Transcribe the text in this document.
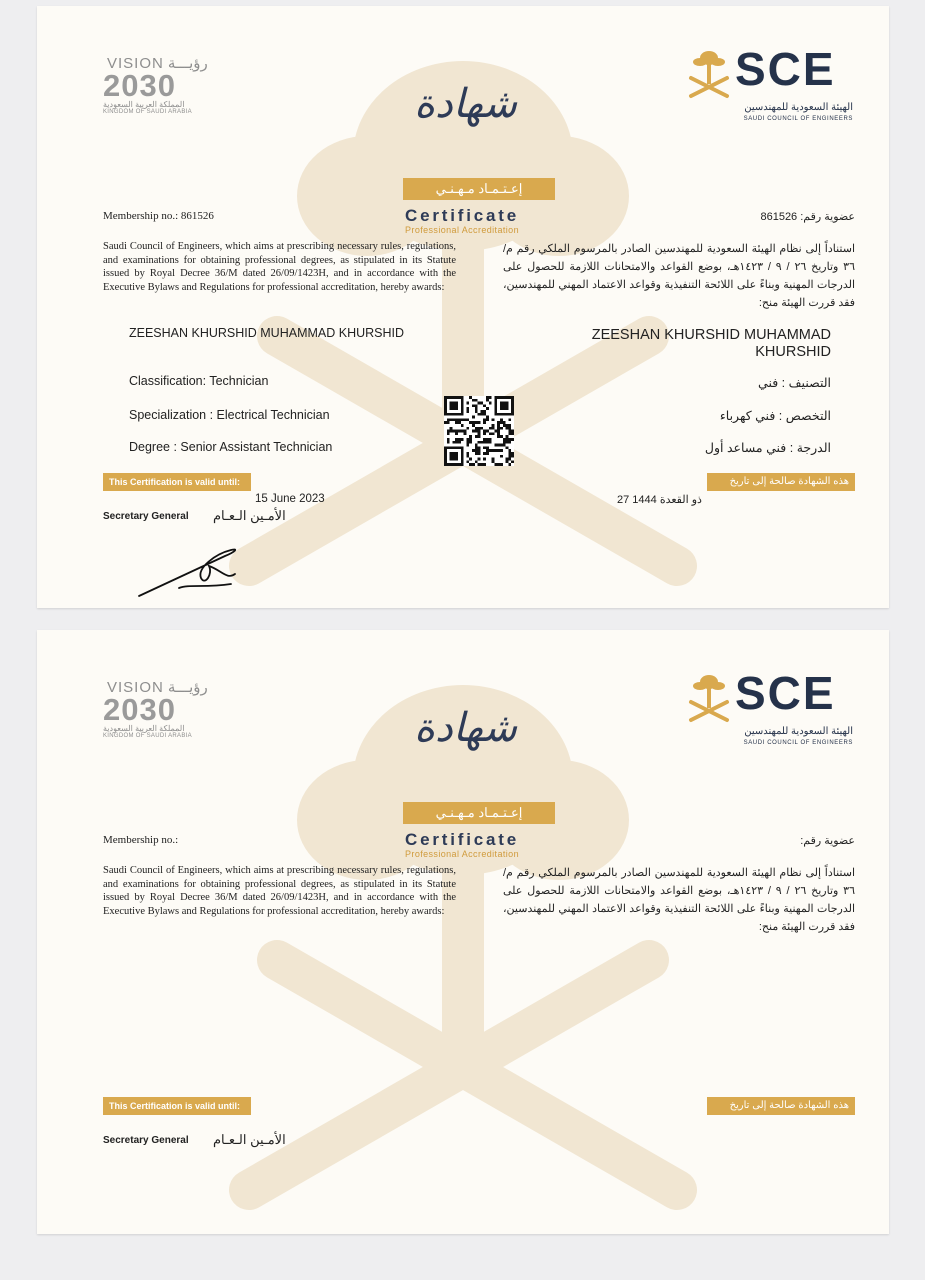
VISION رؤيـــة
2030
المملكة العربية السعودية
KINGDOM OF SAUDI ARABIA
SCE
الهيئة السعودية للمهندسين
SAUDI COUNCIL OF ENGINEERS
شهادة
إعـتـمـاد مـهـنـي
Certificate
Professional Accreditation
Membership no.: 861526	عضوية رقم: 861526
Saudi Council of Engineers, which aims at prescribing necessary rules, regulations, and examinations for obtaining professional degrees, as stipulated in its Statute issued by Royal Decree 36/M dated 26/09/1423H, and in accordance with the Executive Bylaws and Regulations for professional accreditation, hereby awards:
استناداً إلى نظام الهيئة السعودية للمهندسين الصادر بالمرسوم الملكي رقم م/ ٣٦ وتاريخ ٢٦ / ٩ / ١٤٢٣هـ، بوضع القواعد والامتحانات اللازمة للحصول على الدرجات المهنية وبناءً على اللائحة التنفيذية وقواعد الاعتماد المهني للمهندسين، فقد قررت الهيئة منح:
ZEESHAN KHURSHID MUHAMMAD KHURSHID	ZEESHAN KHURSHID MUHAMMAD KHURSHID
Classification: Technician
Specialization : Electrical Technician
Degree : Senior Assistant Technician
التصنيف : فني
التخصص : فني كهرباء
الدرجة : فني مساعد أول
This Certification is valid until:	هذه الشهادة صالحة إلى تاريخ
15 June 2023	27 ذو القعدة 1444
Secretary General الأمـين الـعـام
VISION رؤيـــة
2030
المملكة العربية السعودية
KINGDOM OF SAUDI ARABIA
SCE
الهيئة السعودية للمهندسين
SAUDI COUNCIL OF ENGINEERS
شهادة
إعـتـمـاد مـهـنـي
Certificate
Professional Accreditation
Membership no.:	عضوية رقم:
Saudi Council of Engineers, which aims at prescribing necessary rules, regulations, and examinations for obtaining professional degrees, as stipulated in its Statute issued by Royal Decree 36/M dated 26/09/1423H, and in accordance with the Executive Bylaws and Regulations for professional accreditation, hereby awards:
استناداً إلى نظام الهيئة السعودية للمهندسين الصادر بالمرسوم الملكي رقم م/ ٣٦ وتاريخ ٢٦ / ٩ / ١٤٢٣هـ، بوضع القواعد والامتحانات اللازمة للحصول على الدرجات المهنية وبناءً على اللائحة التنفيذية وقواعد الاعتماد المهني للمهندسين، فقد قررت الهيئة منح:
This Certification is valid until:	هذه الشهادة صالحة إلى تاريخ
Secretary General الأمـين الـعـام
